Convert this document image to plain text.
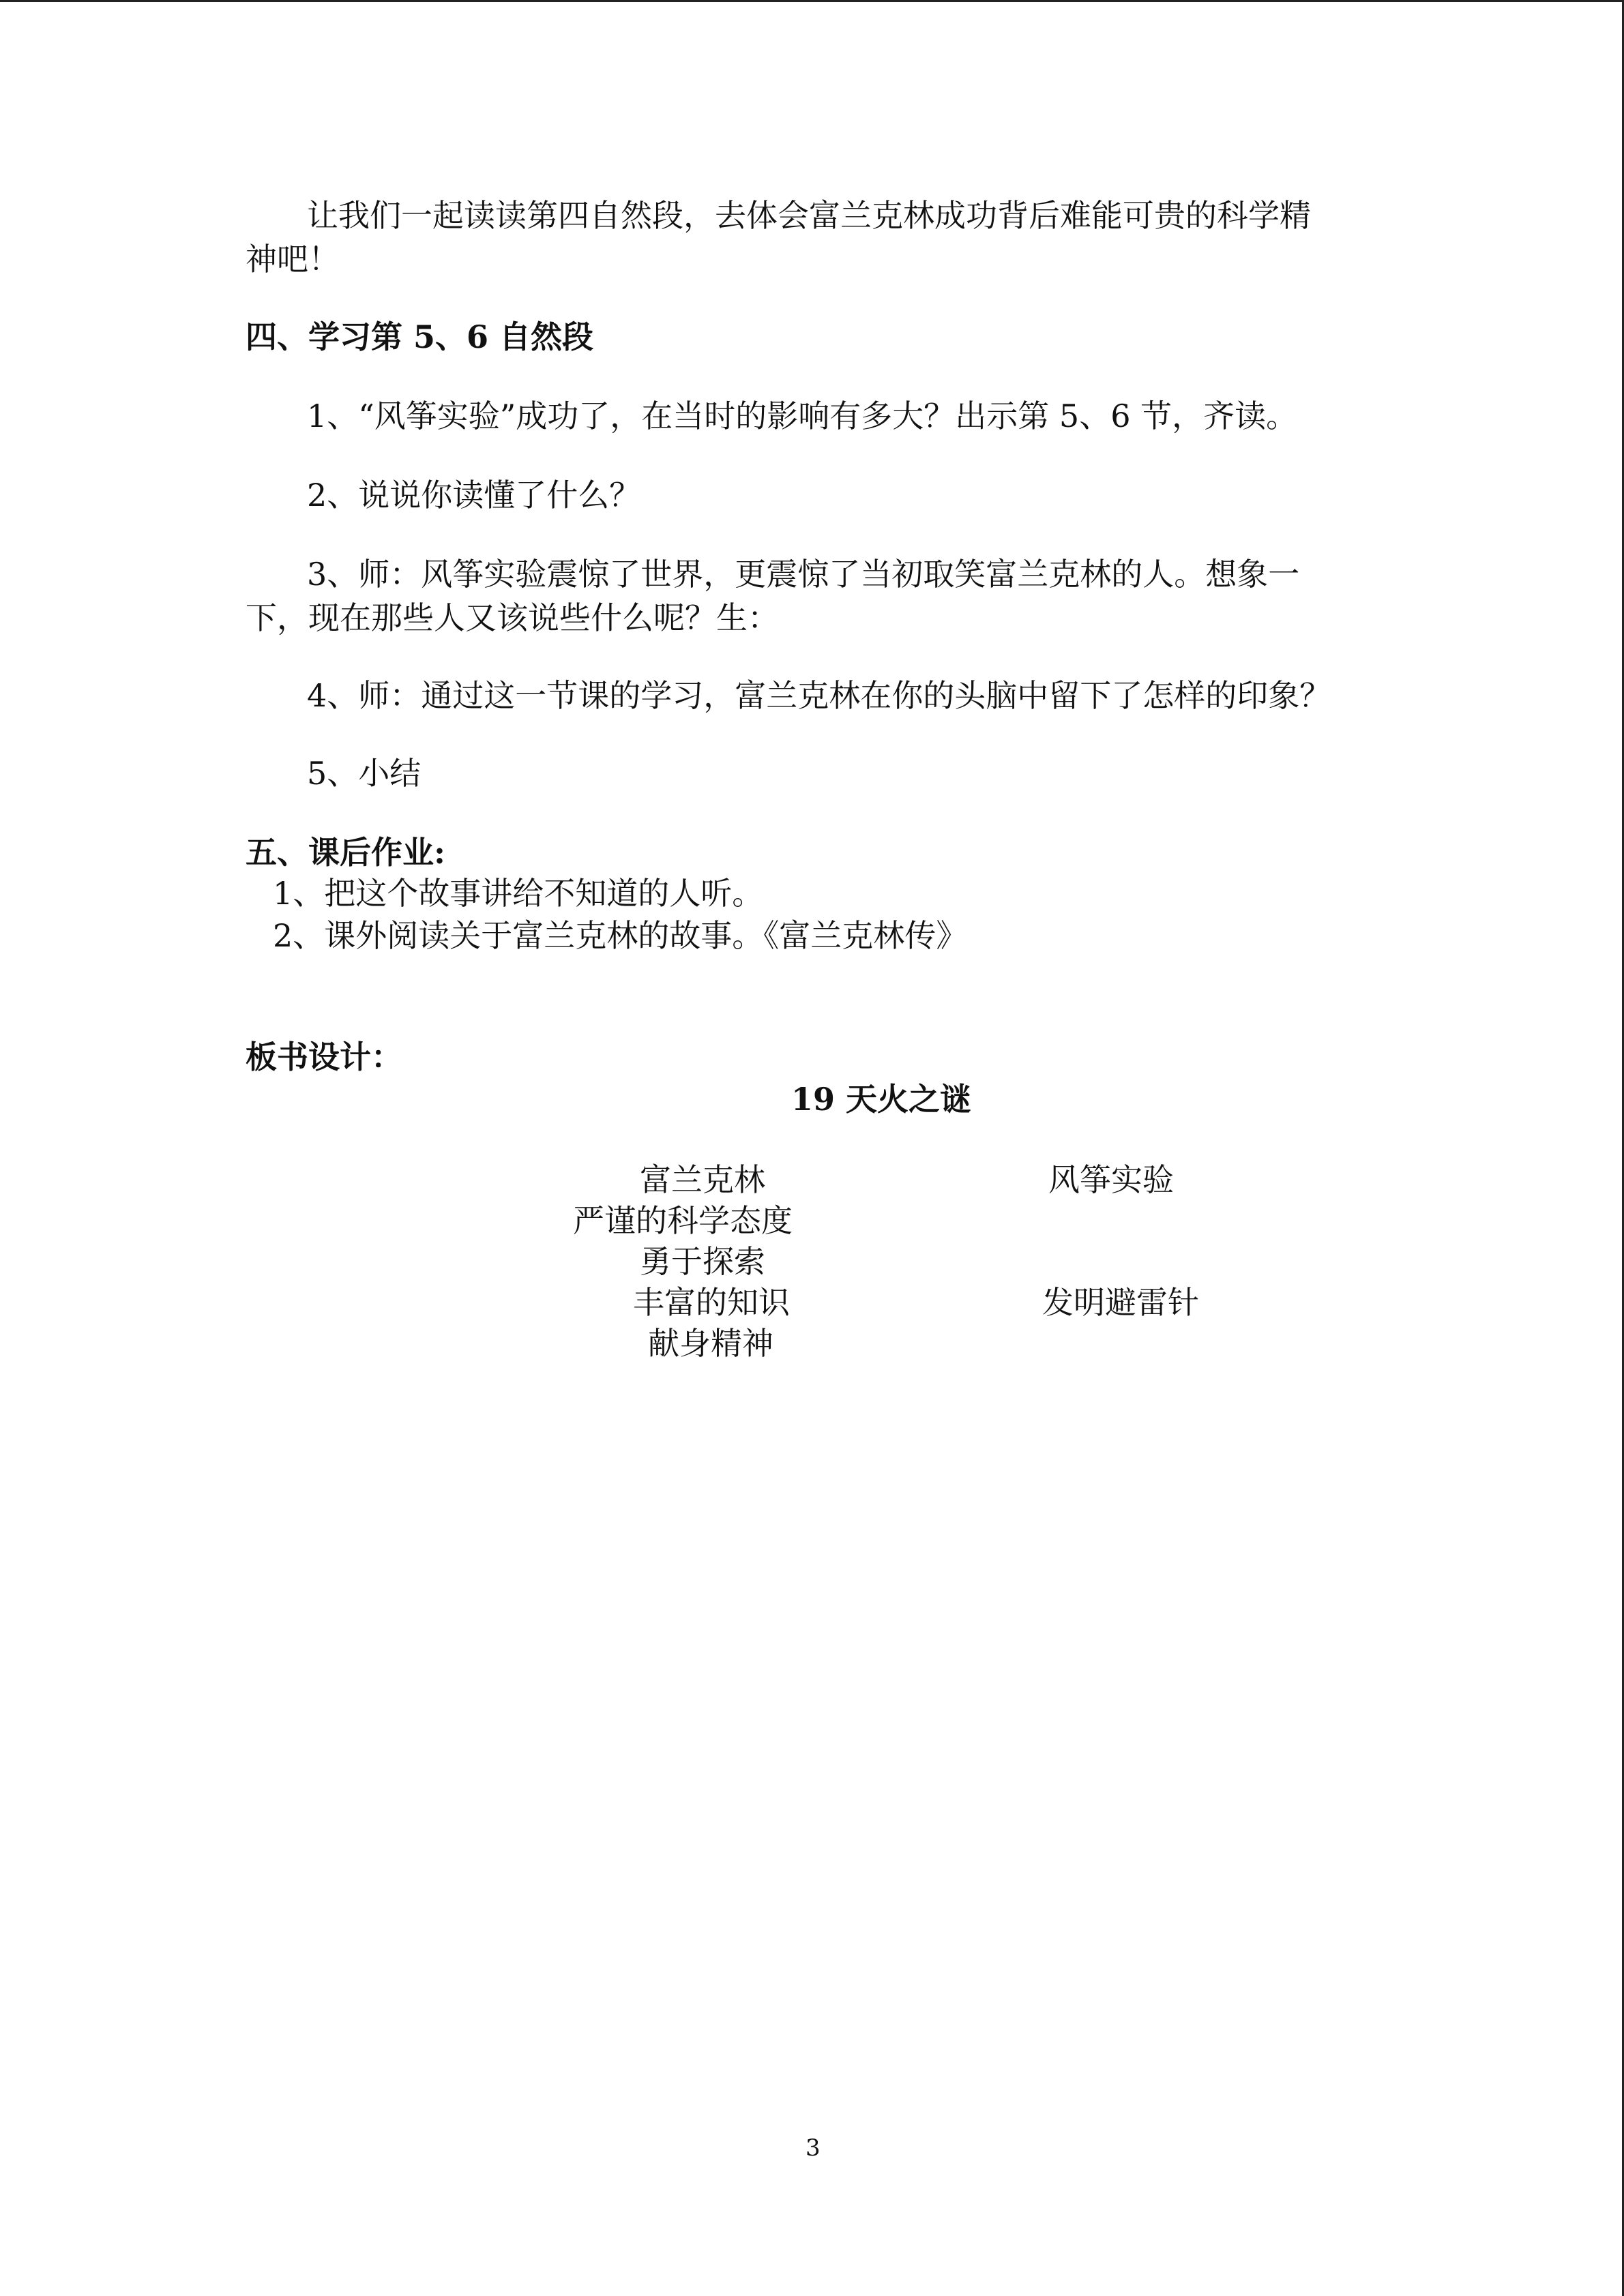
让我们一起读读第四自然段，去体会富兰克林成功背后难能可贵的科学精

神吧！

四、学习第 5、6 自然段

1、“风筝实验”成功了，在当时的影响有多大？出示第 5、6 节，齐读。

2、说说你读懂了什么？

3、师：风筝实验震惊了世界，更震惊了当初取笑富兰克林的人。想象一

下，现在那些人又该说些什么呢？生：

4、师：通过这一节课的学习，富兰克林在你的头脑中留下了怎样的印象？

5、小结

五、课后作业:

1、把这个故事讲给不知道的人听。

2、课外阅读关于富兰克林的故事。《富兰克林传》

板书设计：

19 天火之谜

富兰克林

严谨的科学态度

勇于探索

丰富的知识

献身精神

风筝实验

发明避雷针

3
